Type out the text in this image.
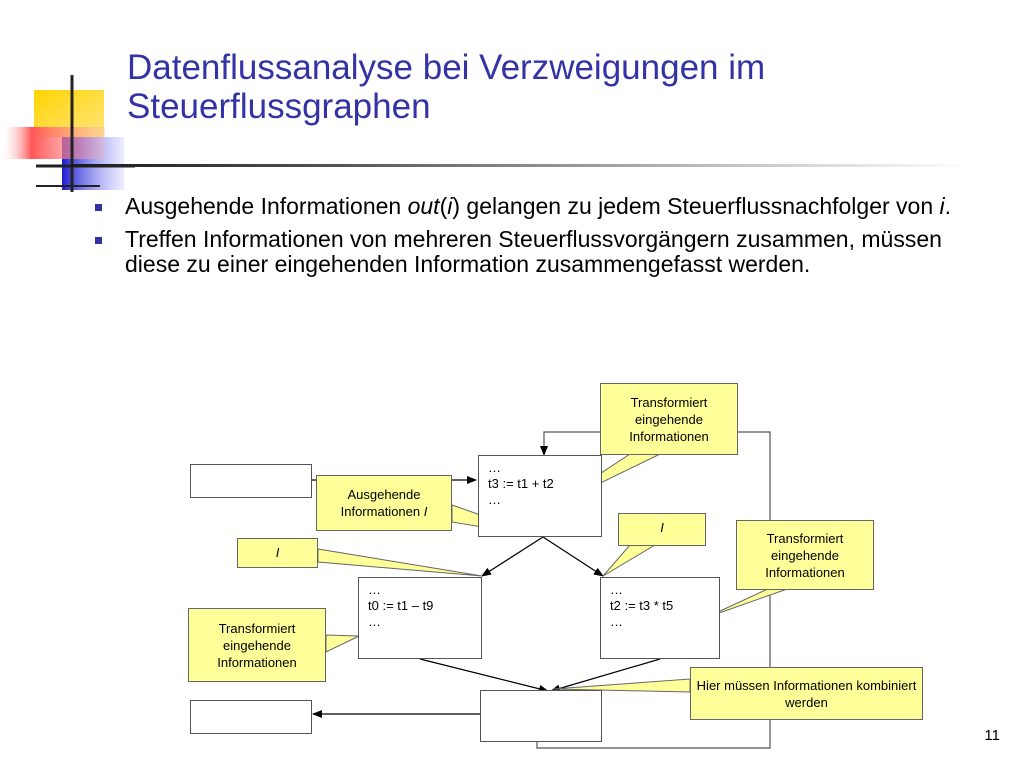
Datenflussanalyse bei Verzweigungen im
Steuerflussgraphen
Ausgehende Informationen out(i) gelangen zu jedem Steuerflussnachfolger von i.
Treffen Informationen von mehreren Steuerflussvorgängern zusammen, müssen diese zu einer eingehenden Information zusammengefasst werden.
…
t3 := t1 + t2
…
…
t0 := t1 – t9
…
…
t2 := t3 * t5
…
Transformiert eingehende Informationen
Ausgehende Informationen I
I
I
Transformiert eingehende Informationen
Transformiert eingehende Informationen
Hier müssen Informationen kombiniert werden
11
